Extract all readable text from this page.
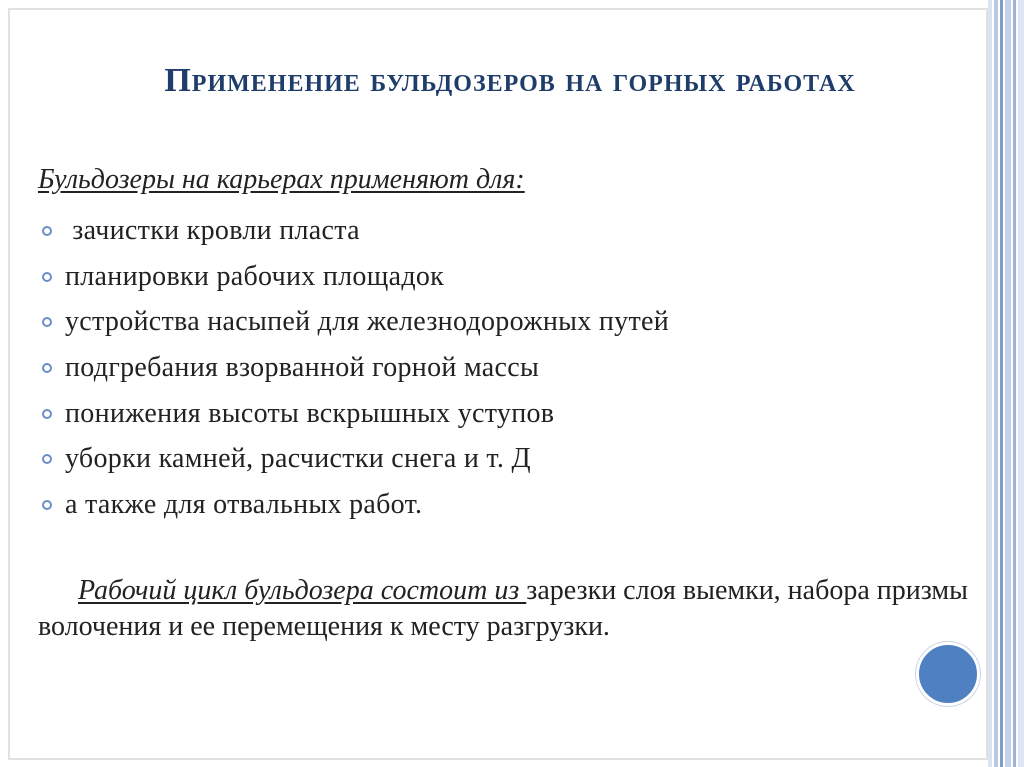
Применение бульдозеров на горных работах
Бульдозеры на карьерах применяют для:
зачистки кровли пласта
планировки рабочих площадок
устройства насыпей для железнодорожных путей
подгребания взорванной горной массы
понижения высоты вскрышных уступов
уборки камней, расчистки снега и т. Д
а также для отвальных работ.
Рабочий цикл бульдозера состоит из зарезки слоя выемки, набора призмы волочения и ее перемещения к месту разгрузки.
